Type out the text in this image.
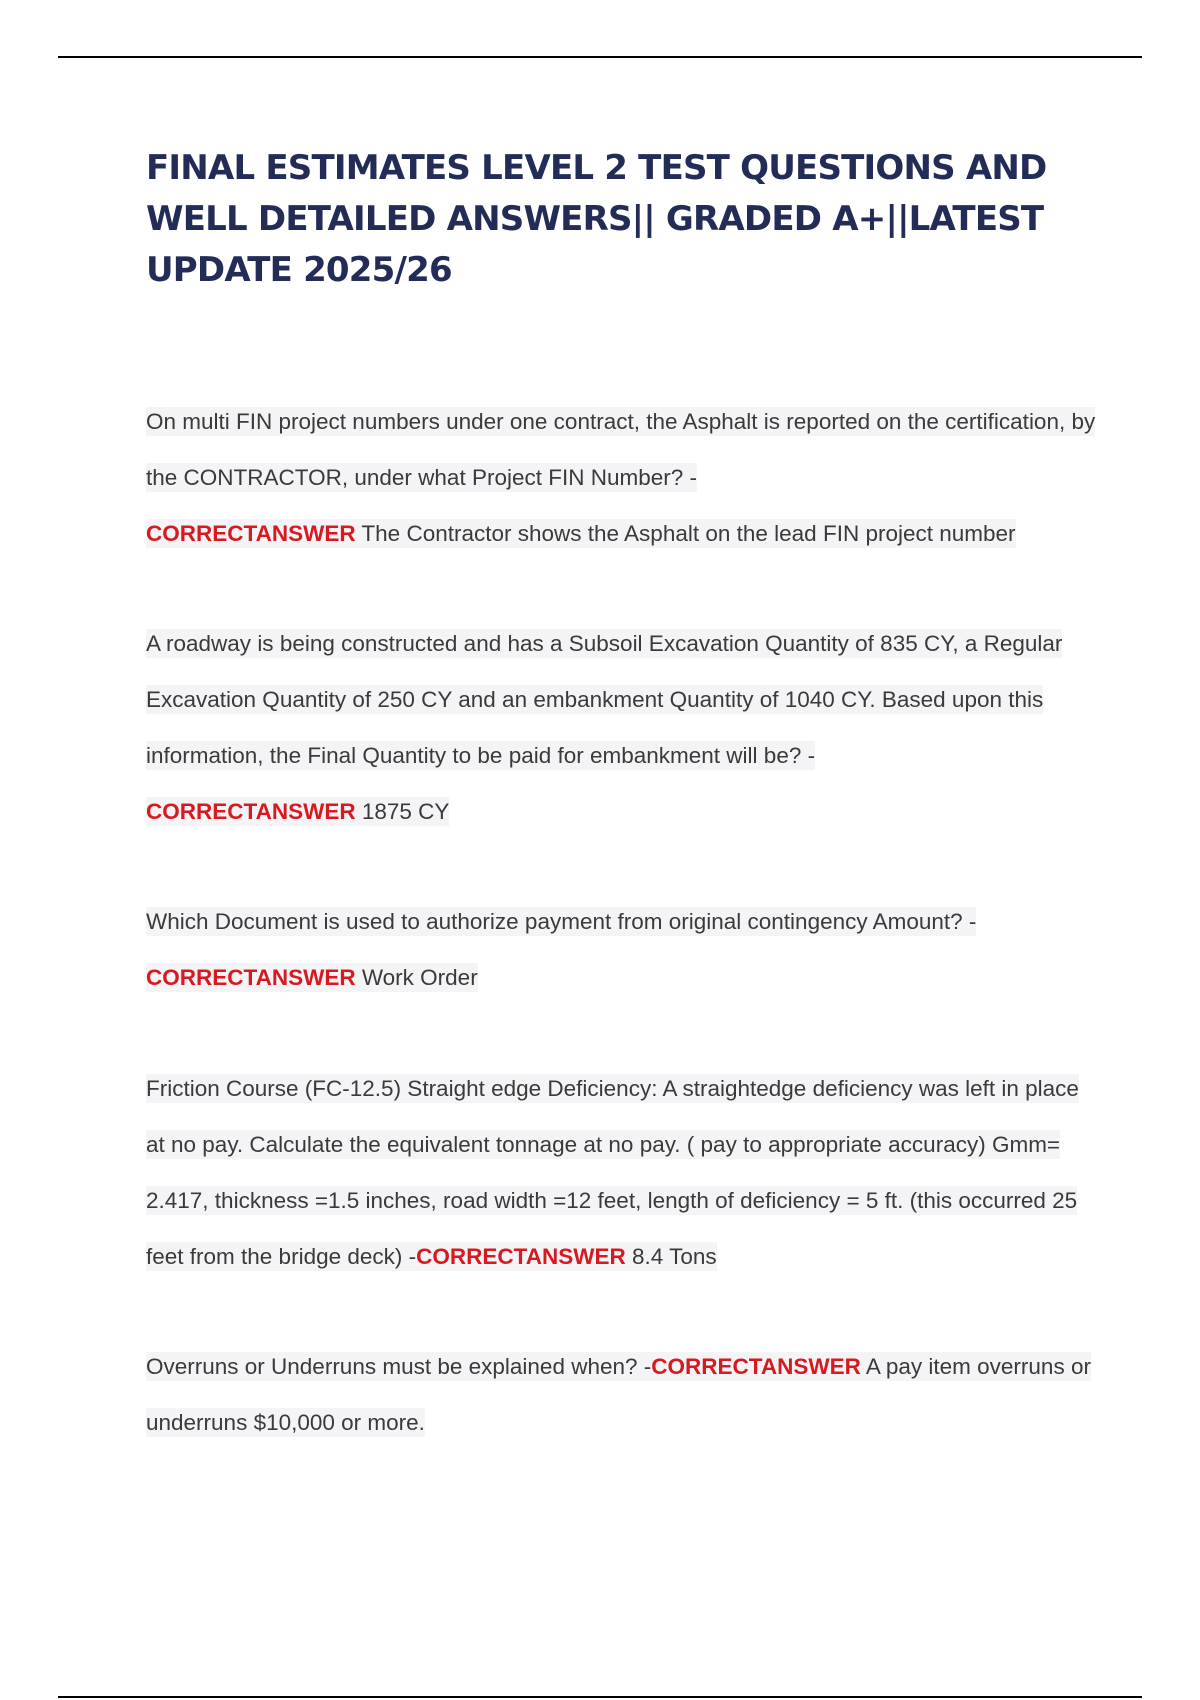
FINAL ESTIMATES LEVEL 2 TEST QUESTIONS AND WELL DETAILED ANSWERS|| GRADED A+||LATEST UPDATE 2025/26

On multi FIN project numbers under one contract, the Asphalt is reported on the certification, by the CONTRACTOR, under what Project FIN Number? -
CORRECTANSWER The Contractor shows the Asphalt on the lead FIN project number

A roadway is being constructed and has a Subsoil Excavation Quantity of 835 CY, a Regular Excavation Quantity of 250 CY and an embankment Quantity of 1040 CY. Based upon this information, the Final Quantity to be paid for embankment will be? -
CORRECTANSWER 1875 CY

Which Document is used to authorize payment from original contingency Amount? -
CORRECTANSWER Work Order

Friction Course (FC-12.5) Straight edge Deficiency: A straightedge deficiency was left in place at no pay. Calculate the equivalent tonnage at no pay. ( pay to appropriate accuracy) Gmm= 2.417, thickness =1.5 inches, road width =12 feet, length of deficiency = 5 ft. (this occurred 25 feet from the bridge deck) -CORRECTANSWER 8.4 Tons

Overruns or Underruns must be explained when? -CORRECTANSWER A pay item overruns or underruns $10,000 or more.
